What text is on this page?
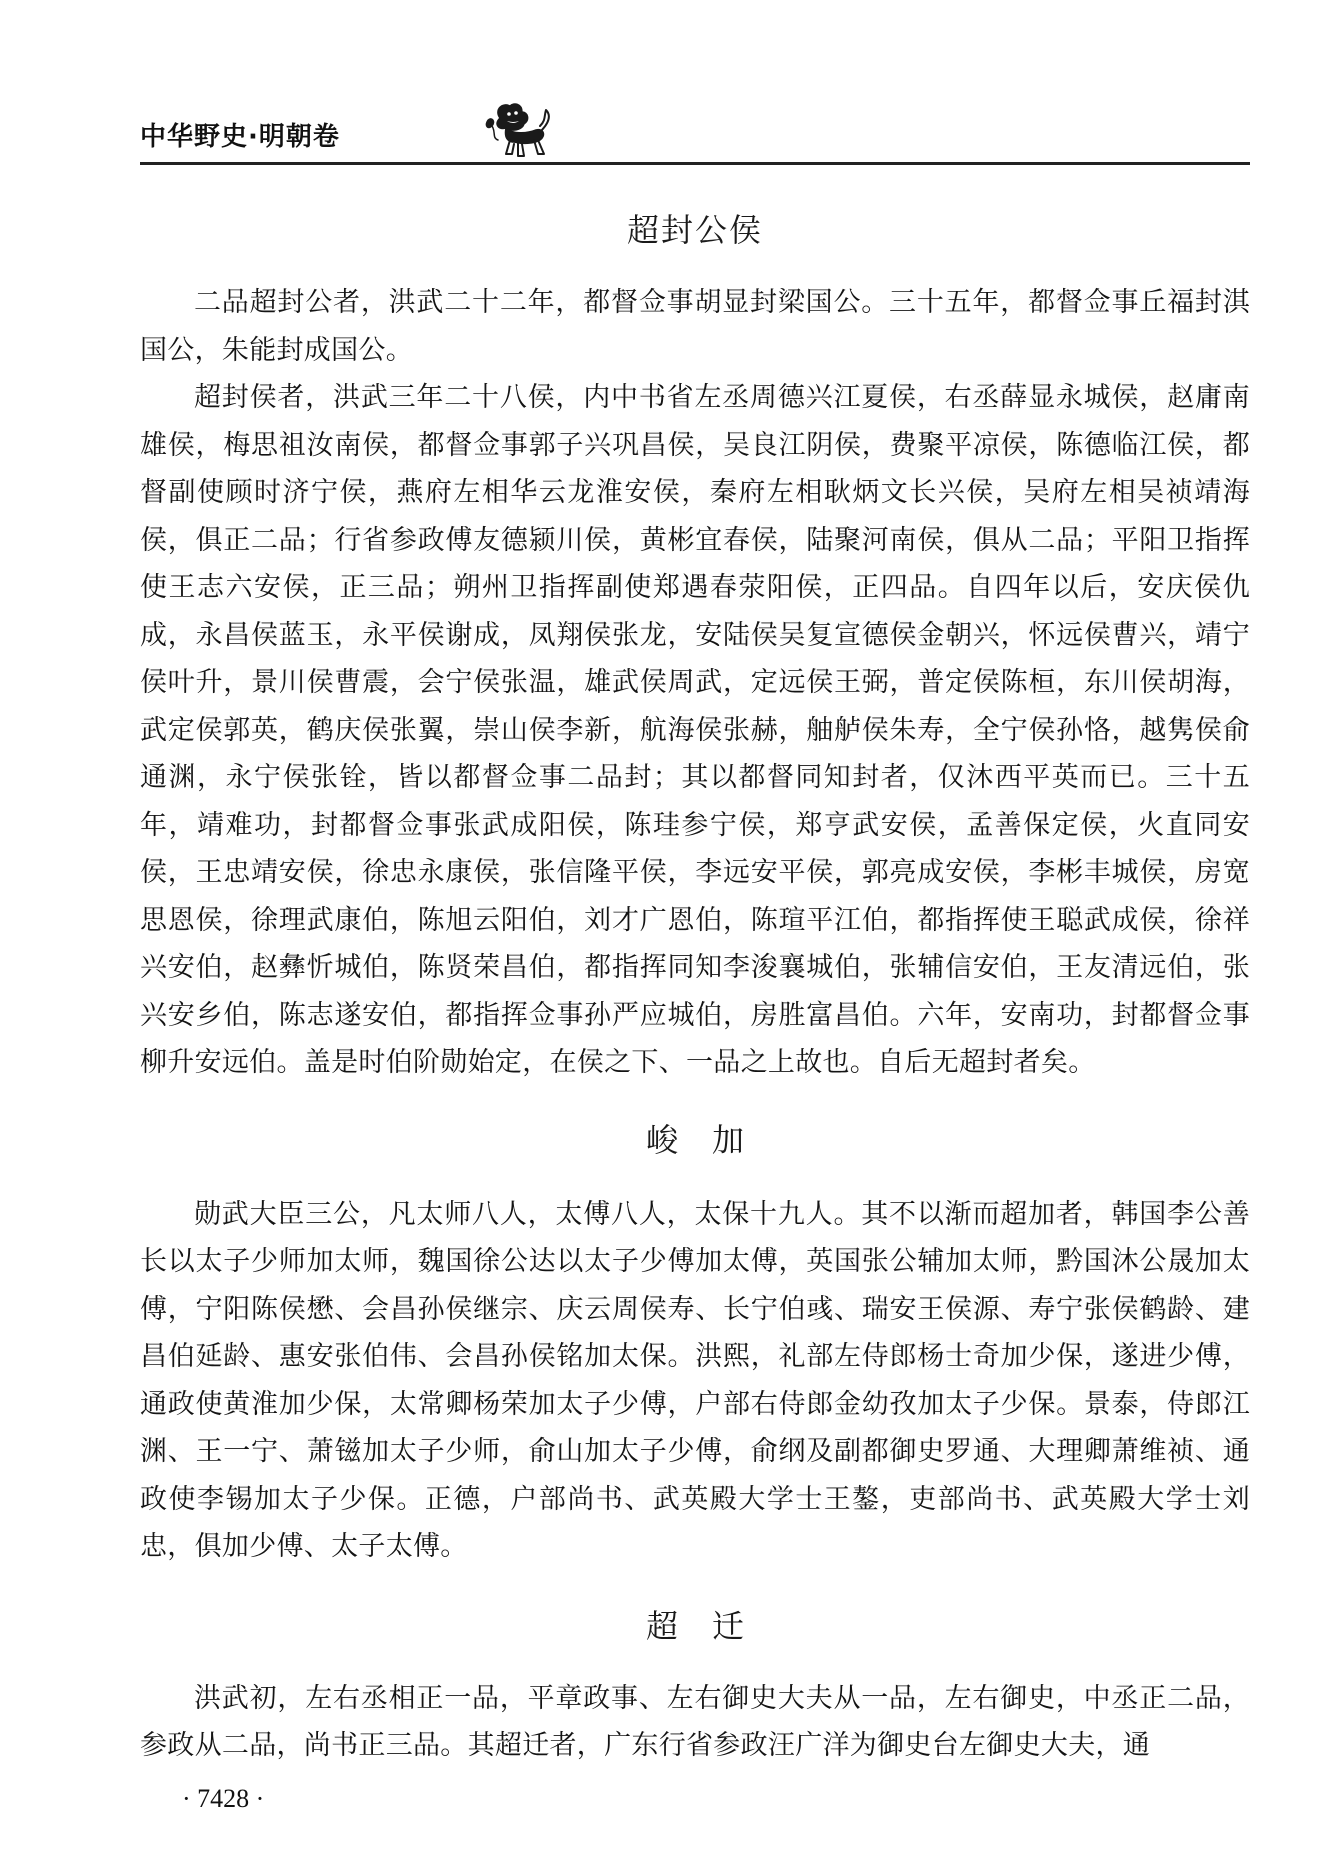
中华野史·明朝卷
超封公侯

二品超封公者，洪武二十二年，都督佥事胡显封梁国公。三十五年，都督佥事丘福封淇国公，朱能封成国公。

超封侯者，洪武三年二十八侯，内中书省左丞周德兴江夏侯，右丞薛显永城侯，赵庸南雄侯，梅思祖汝南侯，都督佥事郭子兴巩昌侯，吴良江阴侯，费聚平凉侯，陈德临江侯，都督副使顾时济宁侯，燕府左相华云龙淮安侯，秦府左相耿炳文长兴侯，吴府左相吴祯靖海侯，俱正二品；行省参政傅友德颍川侯，黄彬宜春侯，陆聚河南侯，俱从二品；平阳卫指挥使王志六安侯，正三品；朔州卫指挥副使郑遇春荥阳侯，正四品。自四年以后，安庆侯仇成，永昌侯蓝玉，永平侯谢成，凤翔侯张龙，安陆侯吴复宣德侯金朝兴，怀远侯曹兴，靖宁侯叶升，景川侯曹震，会宁侯张温，雄武侯周武，定远侯王弼，普定侯陈桓，东川侯胡海，武定侯郭英，鹤庆侯张翼，崇山侯李新，航海侯张赫，舳舻侯朱寿，全宁侯孙恪，越隽侯俞通渊，永宁侯张铨，皆以都督佥事二品封；其以都督同知封者，仅沐西平英而已。三十五年，靖难功，封都督佥事张武成阳侯，陈珪参宁侯，郑亨武安侯，孟善保定侯，火直同安侯，王忠靖安侯，徐忠永康侯，张信隆平侯，李远安平侯，郭亮成安侯，李彬丰城侯，房宽思恩侯，徐理武康伯，陈旭云阳伯，刘才广恩伯，陈瑄平江伯，都指挥使王聪武成侯，徐祥兴安伯，赵彝忻城伯，陈贤荣昌伯，都指挥同知李浚襄城伯，张辅信安伯，王友清远伯，张兴安乡伯，陈志遂安伯，都指挥佥事孙严应城伯，房胜富昌伯。六年，安南功，封都督佥事柳升安远伯。盖是时伯阶勋始定，在侯之下、一品之上故也。自后无超封者矣。

峻加

勋武大臣三公，凡太师八人，太傅八人，太保十九人。其不以渐而超加者，韩国李公善长以太子少师加太师，魏国徐公达以太子少傅加太傅，英国张公辅加太师，黔国沐公晟加太傅，宁阳陈侯懋、会昌孙侯继宗、庆云周侯寿、长宁伯彧、瑞安王侯源、寿宁张侯鹤龄、建昌伯延龄、惠安张伯伟、会昌孙侯铭加太保。洪熙，礼部左侍郎杨士奇加少保，遂进少傅，通政使黄淮加少保，太常卿杨荣加太子少傅，户部右侍郎金幼孜加太子少保。景泰，侍郎江渊、王一宁、萧镃加太子少师，俞山加太子少傅，俞纲及副都御史罗通、大理卿萧维祯、通政使李锡加太子少保。正德，户部尚书、武英殿大学士王鏊，吏部尚书、武英殿大学士刘忠，俱加少傅、太子太傅。

超迁

洪武初，左右丞相正一品，平章政事、左右御史大夫从一品，左右御史，中丞正二品，参政从二品，尚书正三品。其超迁者，广东行省参政汪广洋为御史台左御史大夫，通

· 7428 ·
